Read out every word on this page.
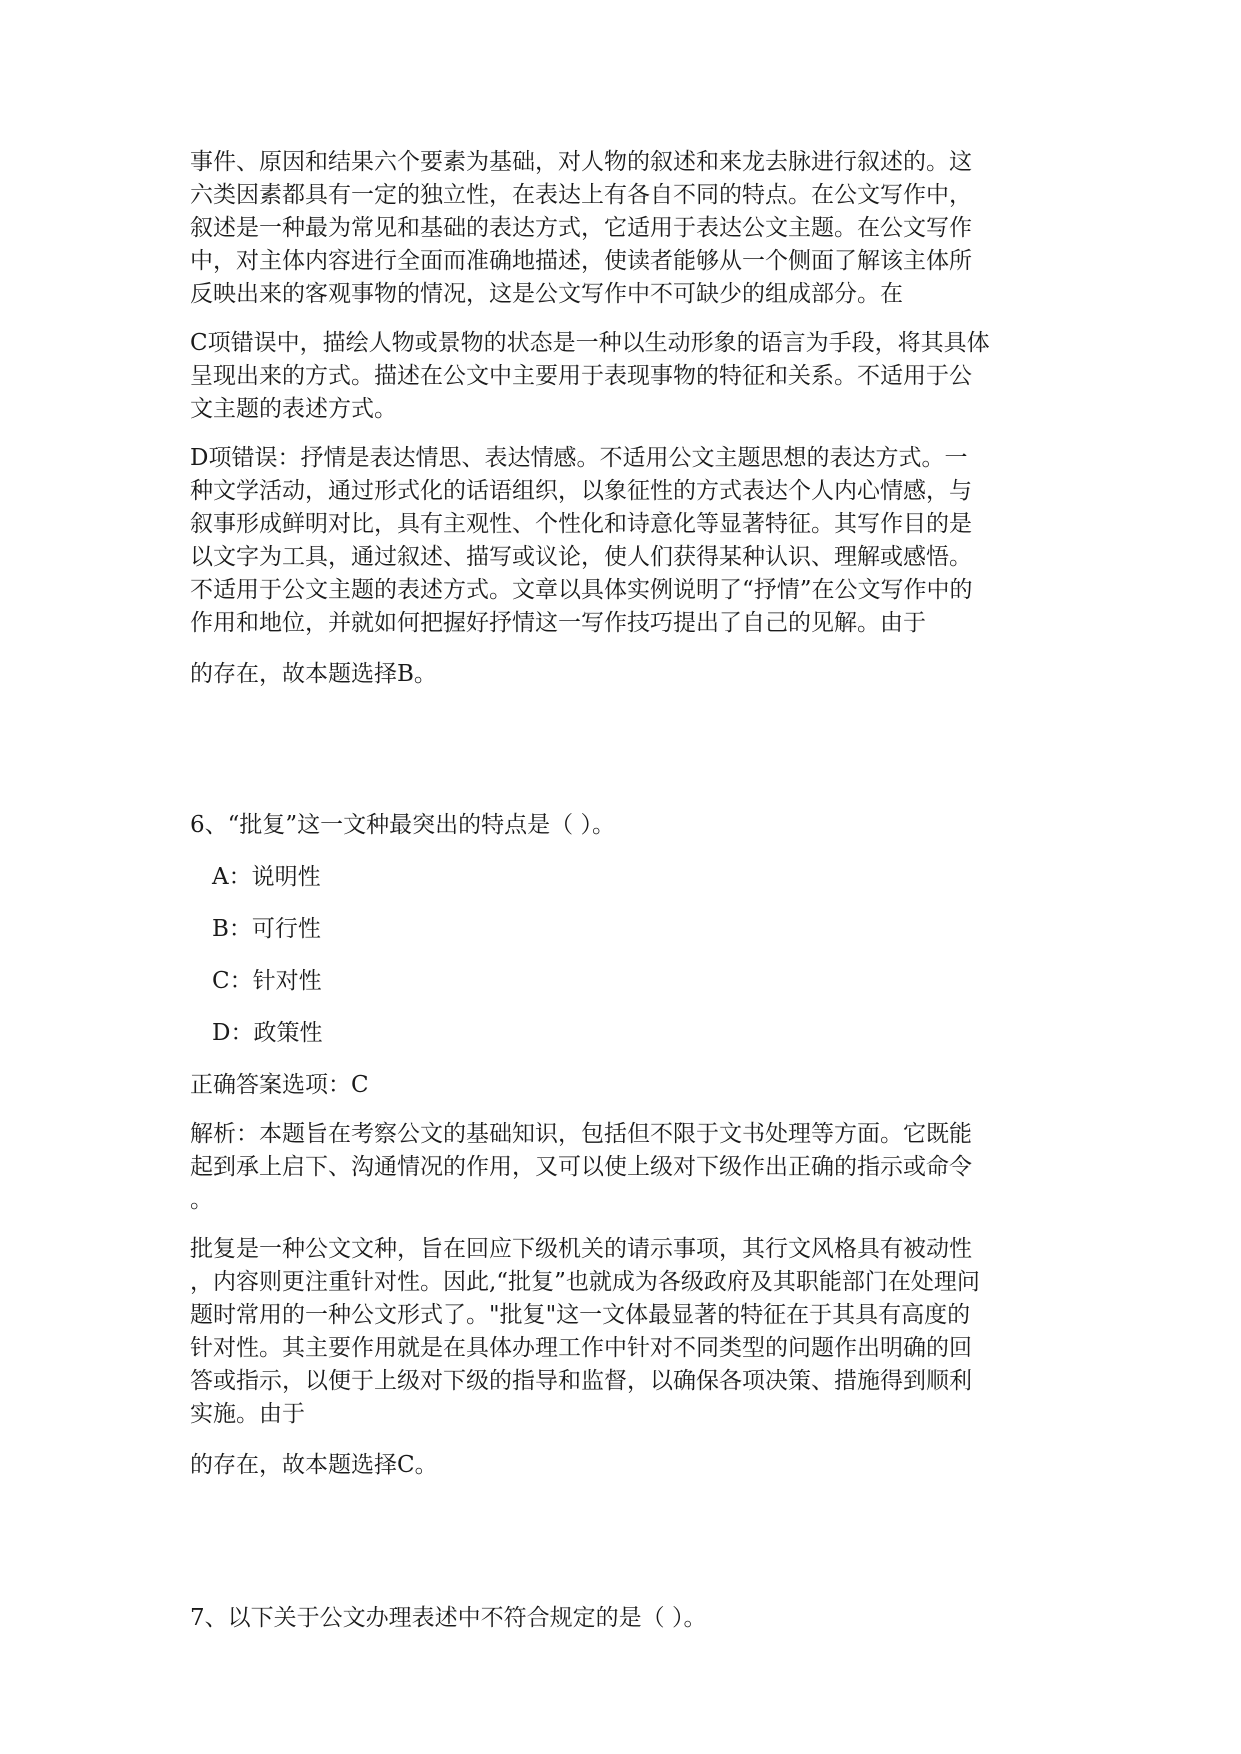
事件、原因和结果六个要素为基础，对人物的叙述和来龙去脉进行叙述的。这
六类因素都具有一定的独立性，在表达上有各自不同的特点。在公文写作中，
叙述是一种最为常见和基础的表达方式，它适用于表达公文主题。在公文写作
中，对主体内容进行全面而准确地描述，使读者能够从一个侧面了解该主体所
反映出来的客观事物的情况，这是公文写作中不可缺少的组成部分。在
C项错误中，描绘人物或景物的状态是一种以生动形象的语言为手段，将其具体
呈现出来的方式。描述在公文中主要用于表现事物的特征和关系。不适用于公
文主题的表述方式。
D项错误：抒情是表达情思、表达情感。不适用公文主题思想的表达方式。一
种文学活动，通过形式化的话语组织，以象征性的方式表达个人内心情感，与
叙事形成鲜明对比，具有主观性、个性化和诗意化等显著特征。其写作目的是
以文字为工具，通过叙述、描写或议论，使人们获得某种认识、理解或感悟。
不适用于公文主题的表述方式。文章以具体实例说明了“抒情”在公文写作中的
作用和地位，并就如何把握好抒情这一写作技巧提出了自己的见解。由于
的存在，故本题选择B。
6、“批复”这一文种最突出的特点是（ ）。
A：说明性
B：可行性
C：针对性
D：政策性
正确答案选项：C
解析：本题旨在考察公文的基础知识，包括但不限于文书处理等方面。它既能
起到承上启下、沟通情况的作用，又可以使上级对下级作出正确的指示或命令
。
批复是一种公文文种，旨在回应下级机关的请示事项，其行文风格具有被动性
，内容则更注重针对性。因此,“批复”也就成为各级政府及其职能部门在处理问
题时常用的一种公文形式了。"批复"这一文体最显著的特征在于其具有高度的
针对性。其主要作用就是在具体办理工作中针对不同类型的问题作出明确的回
答或指示，以便于上级对下级的指导和监督，以确保各项决策、措施得到顺利
实施。由于
的存在，故本题选择C。
7、以下关于公文办理表述中不符合规定的是（ ）。
